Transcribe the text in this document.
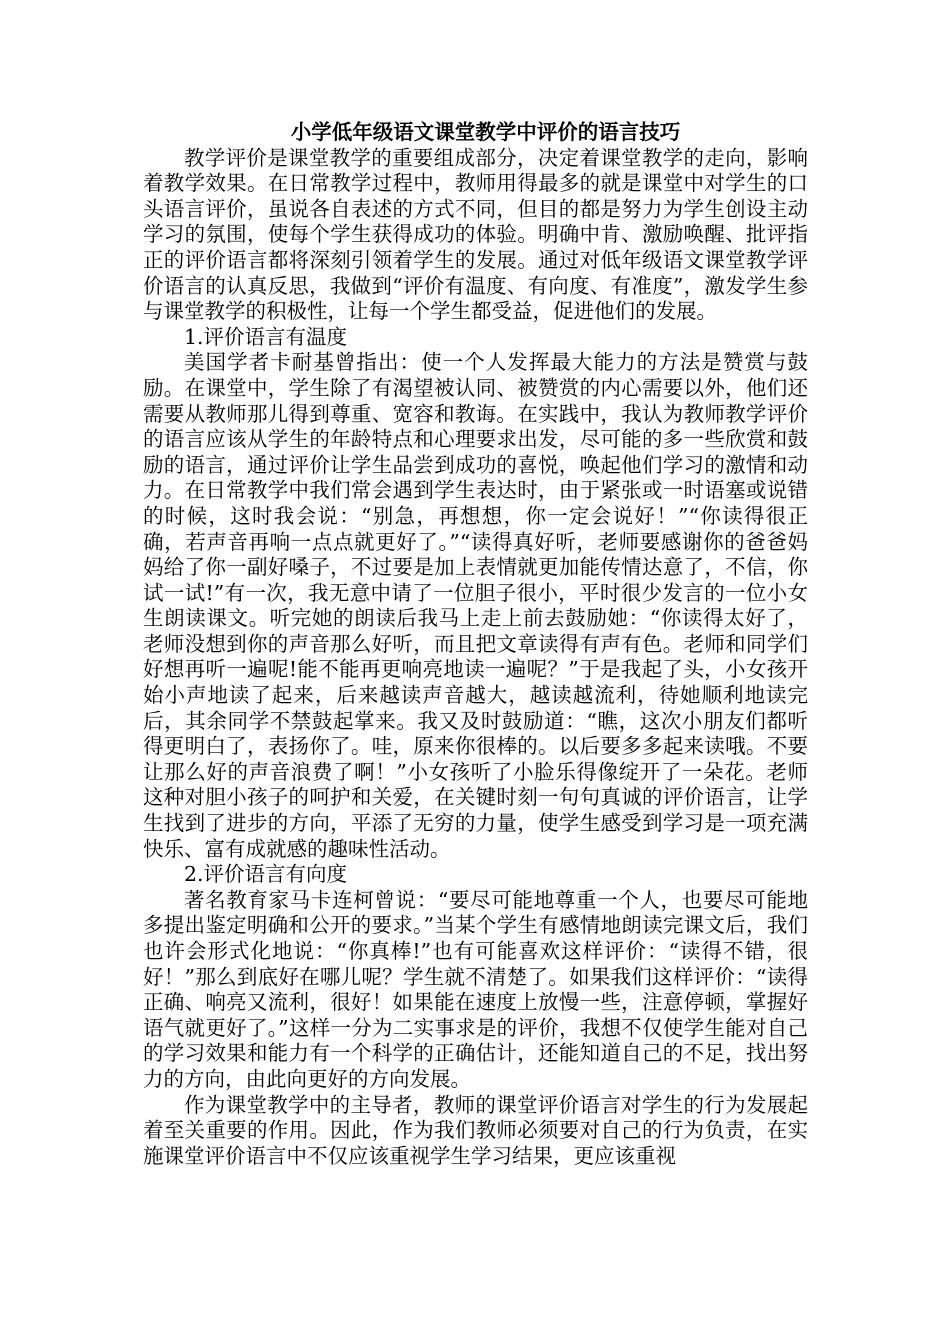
小学低年级语文课堂教学中评价的语言技巧

教学评价是课堂教学的重要组成部分，决定着课堂教学的走向，影响着教学效果。在日常教学过程中，教师用得最多的就是课堂中对学生的口头语言评价，虽说各自表述的方式不同，但目的都是努力为学生创设主动学习的氛围，使每个学生获得成功的体验。明确中肯、激励唤醒、批评指正的评价语言都将深刻引领着学生的发展。通过对低年级语文课堂教学评价语言的认真反思，我做到“评价有温度、有向度、有准度”，激发学生参与课堂教学的积极性，让每一个学生都受益，促进他们的发展。

1.评价语言有温度

美国学者卡耐基曾指出：使一个人发挥最大能力的方法是赞赏与鼓励。在课堂中，学生除了有渴望被认同、被赞赏的内心需要以外，他们还需要从教师那儿得到尊重、宽容和教诲。在实践中，我认为教师教学评价的语言应该从学生的年龄特点和心理要求出发，尽可能的多一些欣赏和鼓励的语言，通过评价让学生品尝到成功的喜悦，唤起他们学习的激情和动力。在日常教学中我们常会遇到学生表达时，由于紧张或一时语塞或说错的时候，这时我会说：“别急，再想想，你一定会说好！”“你读得很正确，若声音再响一点点就更好了。”“读得真好听，老师要感谢你的爸爸妈妈给了你一副好嗓子，不过要是加上表情就更加能传情达意了，不信，你试一试!”有一次，我无意中请了一位胆子很小，平时很少发言的一位小女生朗读课文。听完她的朗读后我马上走上前去鼓励她：“你读得太好了，老师没想到你的声音那么好听，而且把文章读得有声有色。老师和同学们好想再听一遍呢!能不能再更响亮地读一遍呢？”于是我起了头，小女孩开始小声地读了起来，后来越读声音越大，越读越流利，待她顺利地读完后，其余同学不禁鼓起掌来。我又及时鼓励道：“瞧，这次小朋友们都听得更明白了，表扬你了。哇，原来你很棒的。以后要多多起来读哦。不要让那么好的声音浪费了啊！”小女孩听了小脸乐得像绽开了一朵花。老师这种对胆小孩子的呵护和关爱，在关键时刻一句句真诚的评价语言，让学生找到了进步的方向，平添了无穷的力量，使学生感受到学习是一项充满快乐、富有成就感的趣味性活动。

2.评价语言有向度

著名教育家马卡连柯曾说：“要尽可能地尊重一个人，也要尽可能地多提出鉴定明确和公开的要求。”当某个学生有感情地朗读完课文后，我们也许会形式化地说：“你真棒!”也有可能喜欢这样评价：“读得不错，很好！”那么到底好在哪儿呢？学生就不清楚了。如果我们这样评价：“读得正确、响亮又流利，很好！如果能在速度上放慢一些，注意停顿，掌握好语气就更好了。”这样一分为二实事求是的评价，我想不仅使学生能对自己的学习效果和能力有一个科学的正确估计，还能知道自己的不足，找出努力的方向，由此向更好的方向发展。

作为课堂教学中的主导者，教师的课堂评价语言对学生的行为发展起着至关重要的作用。因此，作为我们教师必须要对自己的行为负责，在实施课堂评价语言中不仅应该重视学生学习结果，更应该重视
